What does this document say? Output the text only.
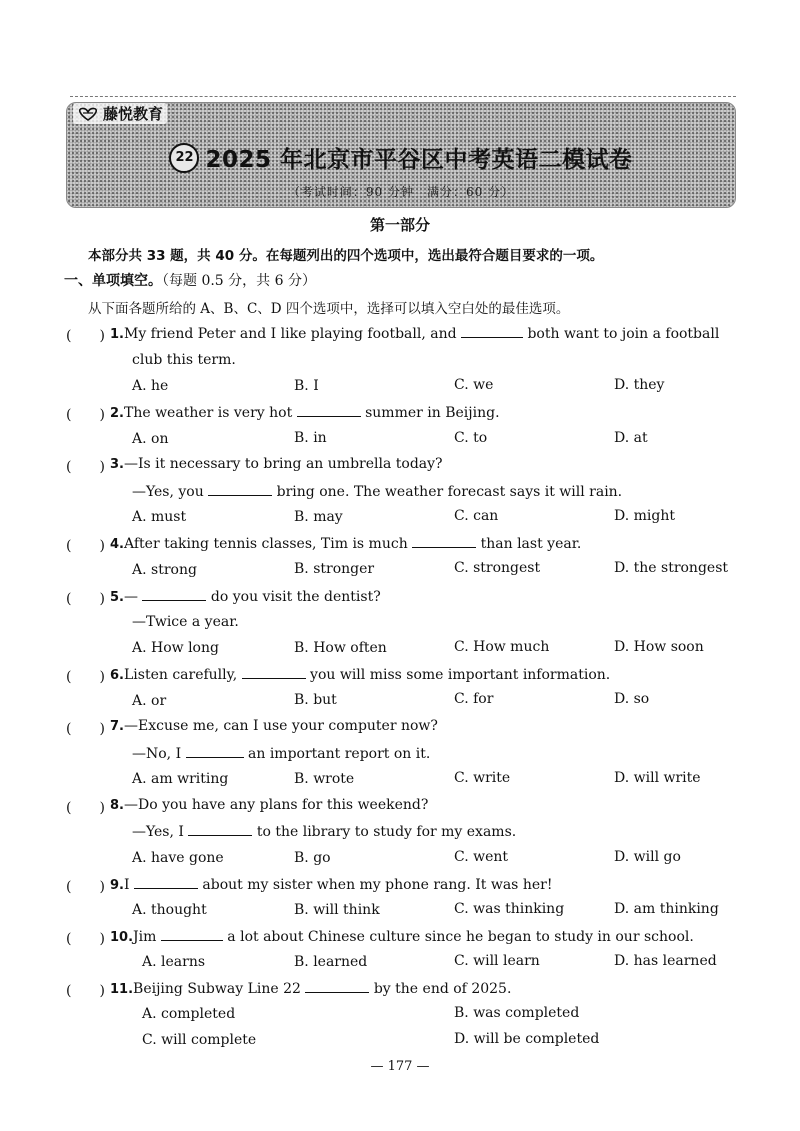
藤悦教育
22 2025 年北京市平谷区中考英语二模试卷
（考试时间：90 分钟　满分：60 分）
第一部分
本部分共 33 题，共 40 分。在每题列出的四个选项中，选出最符合题目要求的一项。
一、单项填空。（每题 0.5 分，共 6 分）
从下面各题所给的 A、B、C、D 四个选项中，选择可以填入空白处的最佳选项。
(　　) 1.My friend Peter and I like playing football, and	both want to join a football
club this term.
A. he	B. I	C. we	D. they
(　　) 2.The weather is very hot	summer in Beijing.
A. on	B. in	C. to	D. at
(　　) 3.—Is it necessary to bring an umbrella today?
—Yes, you	bring one. The weather forecast says it will rain.
A. must	B. may	C. can	D. might
(　　) 4.After taking tennis classes, Tim is much	than last year.
A. strong	B. stronger	C. strongest	D. the strongest
(　　) 5.—	do you visit the dentist?
—Twice a year.
A. How long	B. How often	C. How much	D. How soon
(　　) 6.Listen carefully,	you will miss some important information.
A. or	B. but	C. for	D. so
(　　) 7.—Excuse me, can I use your computer now?
—No, I	an important report on it.
A. am writing	B. wrote	C. write	D. will write
(　　) 8.—Do you have any plans for this weekend?
—Yes, I	to the library to study for my exams.
A. have gone	B. go	C. went	D. will go
(　　) 9.I	about my sister when my phone rang. It was her!
A. thought	B. will think	C. was thinking	D. am thinking
(　　) 10.Jim	a lot about Chinese culture since he began to study in our school.
A. learns	B. learned	C. will learn	D. has learned
(　　) 11.Beijing Subway Line 22	by the end of 2025.
A. completed	B. was completed
C. will complete	D. will be completed
— 177 —
